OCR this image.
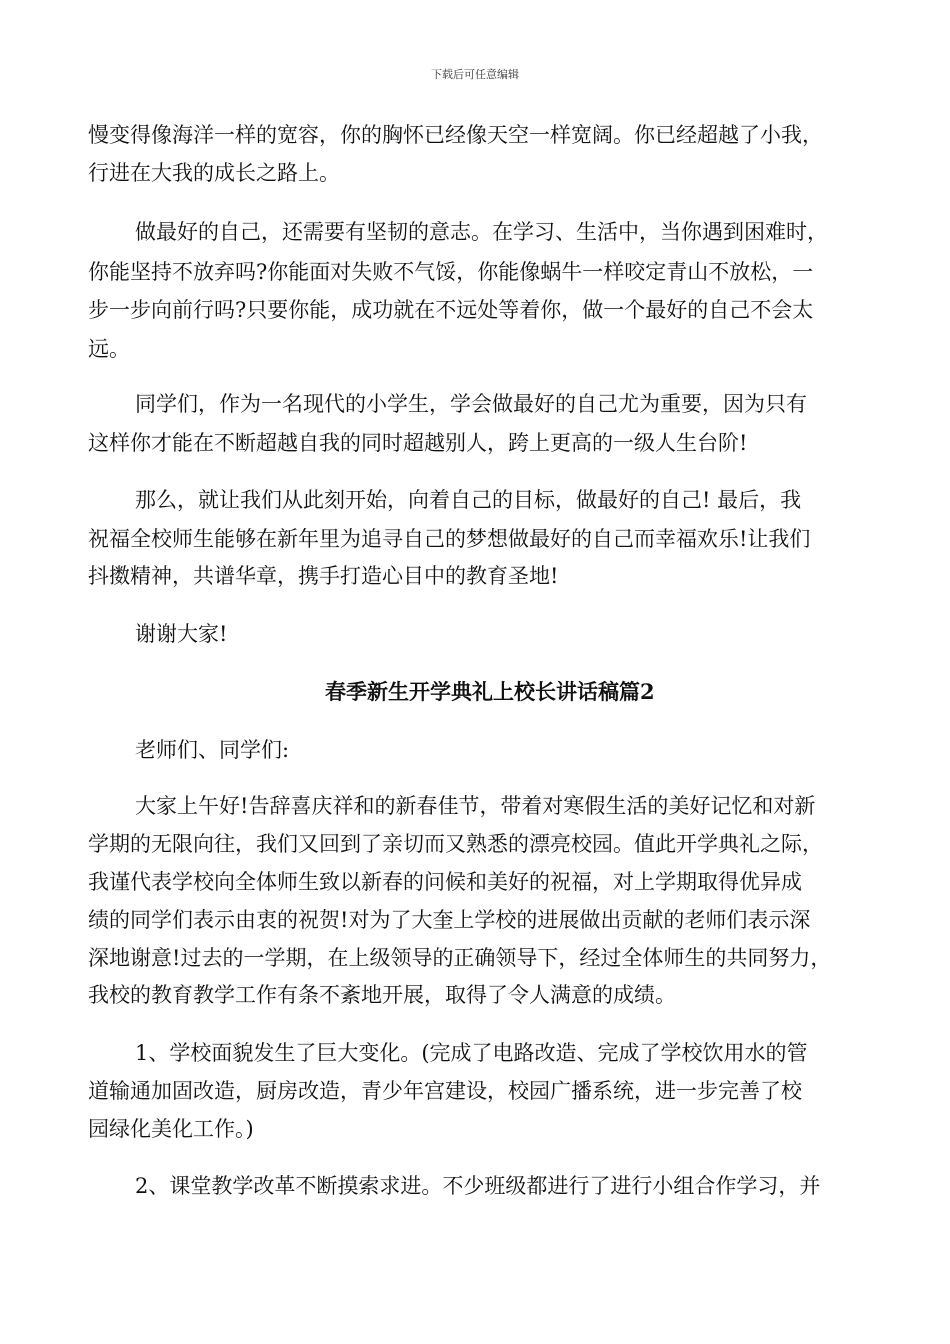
下载后可任意编辑

慢变得像海洋一样的宽容，你的胸怀已经像天空一样宽阔。你已经超越了小我，

行进在大我的成长之路上。

做最好的自己，还需要有坚韧的意志。在学习、生活中，当你遇到困难时，

你能坚持不放弃吗?你能面对失败不气馁，你能像蜗牛一样咬定青山不放松，一

步一步向前行吗?只要你能，成功就在不远处等着你，做一个最好的自己不会太

远。

同学们，作为一名现代的小学生，学会做最好的自己尤为重要，因为只有

这样你才能在不断超越自我的同时超越别人，跨上更高的一级人生台阶!

那么，就让我们从此刻开始，向着自己的目标，做最好的自己! 最后，我

祝福全校师生能够在新年里为追寻自己的梦想做最好的自己而幸福欢乐!让我们

抖擞精神，共谱华章，携手打造心目中的教育圣地!

谢谢大家!

春季新生开学典礼上校长讲话稿篇2

老师们、同学们:

大家上午好!告辞喜庆祥和的新春佳节，带着对寒假生活的美好记忆和对新

学期的无限向往，我们又回到了亲切而又熟悉的漂亮校园。值此开学典礼之际，

我谨代表学校向全体师生致以新春的问候和美好的祝福，对上学期取得优异成

绩的同学们表示由衷的祝贺!对为了大奎上学校的进展做出贡献的老师们表示深

深地谢意!过去的一学期，在上级领导的正确领导下，经过全体师生的共同努力，

我校的教育教学工作有条不紊地开展，取得了令人满意的成绩。

1、学校面貌发生了巨大变化。(完成了电路改造、完成了学校饮用水的管

道输通加固改造，厨房改造，青少年宫建设，校园广播系统，进一步完善了校

园绿化美化工作。)

2、课堂教学改革不断摸索求进。不少班级都进行了进行小组合作学习，并
